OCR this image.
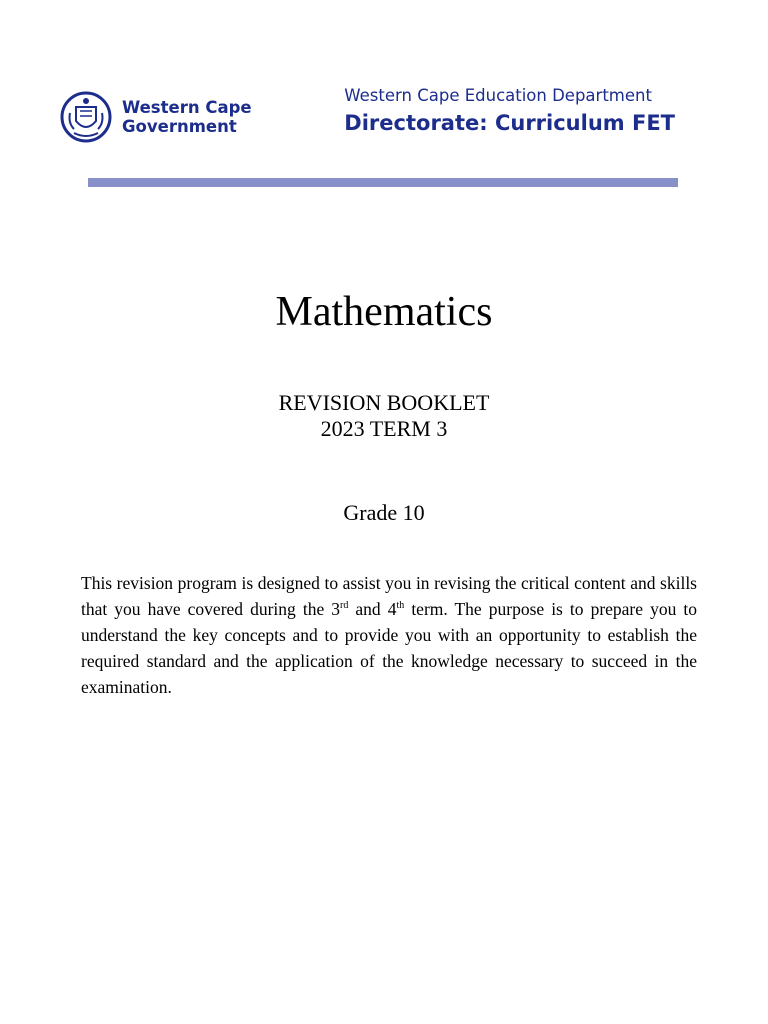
Western Cape
Government
Western Cape Education Department
Directorate: Curriculum FET
Mathematics
REVISION BOOKLET
2023 TERM 3
Grade 10

This revision program is designed to assist you in revising the critical content and skills that you have covered during the 3rd and 4th term. The purpose is to prepare you to understand the key concepts and to provide you with an opportunity to establish the required standard and the application of the knowledge necessary to succeed in the examination.
